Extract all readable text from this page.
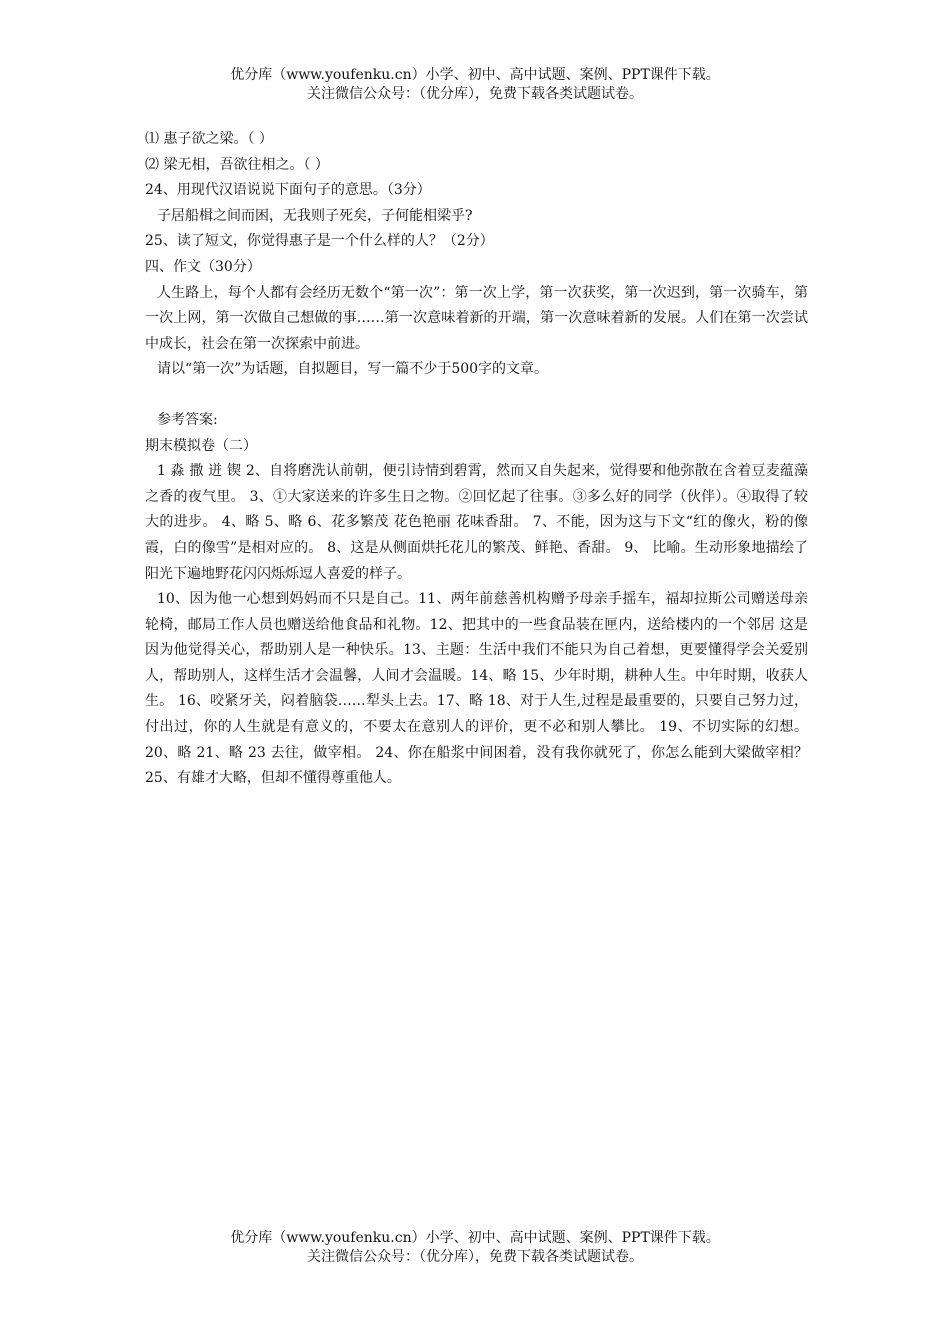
优分库（www.youfenku.cn）小学、初中、高中试题、案例、PPT课件下载。
关注微信公众号：（优分库），免费下载各类试题试卷。

⑴ 惠子欲之梁。（ ）

⑵ 梁无相，吾欲往相之。（ ）

24、用现代汉语说说下面句子的意思。（3分）

子居船楫之间而困，无我则子死矣，子何能相梁乎?

25、读了短文，你觉得惠子是一个什么样的人？（2分）

四、作文（30分）

人生路上，每个人都有会经历无数个“第一次”：第一次上学，第一次获奖，第一次迟到，第一次骑车，第一次上网，第一次做自己想做的事……第一次意味着新的开端，第一次意味着新的发展。人们在第一次尝试中成长，社会在第一次探索中前进。

请以“第一次”为话题，自拟题目，写一篇不少于500字的文章。

参考答案:

期末模拟卷（二）

1 淼 撒 迸 锲 2、自将磨洗认前朝，便引诗情到碧霄，然而又自失起来，觉得要和他弥散在含着豆麦蕴藻之香的夜气里。 3、①大家送来的许多生日之物。②回忆起了往事。③多么好的同学（伙伴）。④取得了较大的进步。 4、略 5、略 6、花多繁茂 花色艳丽 花味香甜。 7、不能，因为这与下文“红的像火，粉的像霞，白的像雪”是相对应的。 8、这是从侧面烘托花儿的繁茂、鲜艳、香甜。 9、 比喻。生动形象地描绘了阳光下遍地野花闪闪烁烁逗人喜爱的样子。

10、因为他一心想到妈妈而不只是自己。11、两年前慈善机构赠予母亲手摇车，福却拉斯公司赠送母亲轮椅，邮局工作人员也赠送给他食品和礼物。12、把其中的一些食品装在匣内，送给楼内的一个邻居 这是因为他觉得关心，帮助别人是一种快乐。13、主题：生活中我们不能只为自己着想，更要懂得学会关爱别人，帮助别人，这样生活才会温馨，人间才会温暖。14、略 15、少年时期，耕种人生。中年时期，收获人生。 16、咬紧牙关，闷着脑袋……犁头上去。17、略 18、对于人生,过程是最重要的，只要自己努力过，付出过，你的人生就是有意义的，不要太在意别人的评价，更不必和别人攀比。 19、不切实际的幻想。 20、略 21、略 23 去往，做宰相。 24、你在船浆中间困着，没有我你就死了，你怎么能到大梁做宰相？ 25、有雄才大略，但却不懂得尊重他人。

优分库（www.youfenku.cn）小学、初中、高中试题、案例、PPT课件下载。
关注微信公众号：（优分库），免费下载各类试题试卷。
